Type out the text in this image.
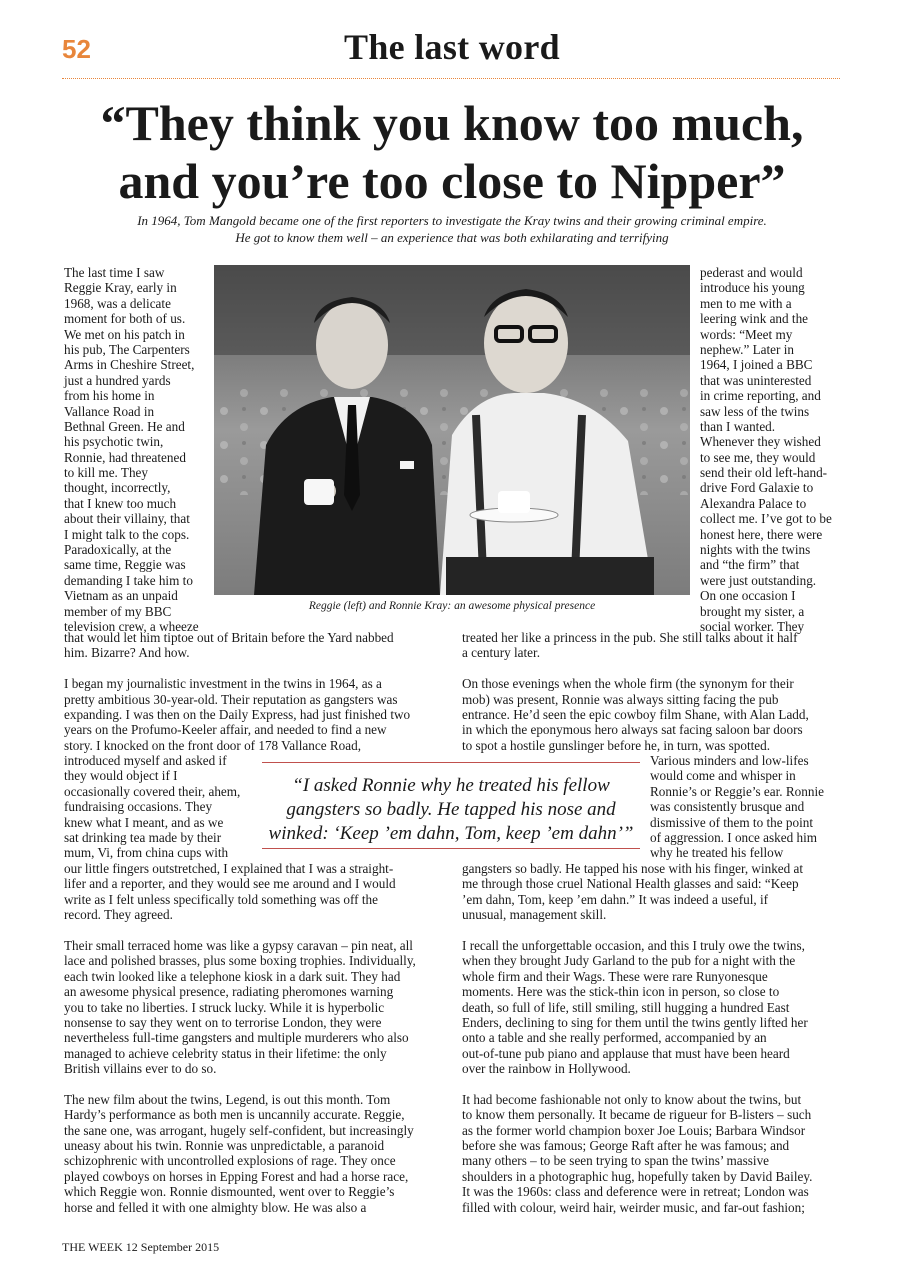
52	The last word
“They think you know too much,
and you’re too close to Nipper”
In 1964, Tom Mangold became one of the first reporters to investigate the Kray twins and their growing criminal empire.
He got to know them well – an experience that was both exhilarating and terrifying
Reggie (left) and Ronnie Kray: an awesome physical presence
“I asked Ronnie why he treated his fellow
gangsters so badly. He tapped his nose and
winked: ‘Keep ’em dahn, Tom, keep ’em dahn’”
The last time I saw
Reggie Kray, early in
1968, was a delicate
moment for both of us.
We met on his patch in
his pub, The Carpenters
Arms in Cheshire Street,
just a hundred yards
from his home in
Vallance Road in
Bethnal Green. He and
his psychotic twin,
Ronnie, had threatened
to kill me. They
thought, incorrectly,
that I knew too much
about their villainy, that
I might talk to the cops.
Paradoxically, at the
same time, Reggie was
demanding I take him to
Vietnam as an unpaid
member of my BBC
television crew, a wheeze
pederast and would
introduce his young
men to me with a
leering wink and the
words: “Meet my
nephew.” Later in
1964, I joined a BBC
that was uninterested
in crime reporting, and
saw less of the twins
than I wanted.
Whenever they wished
to see me, they would
send their old left-hand-
drive Ford Galaxie to
Alexandra Palace to
collect me. I’ve got to be
honest here, there were
nights with the twins
and “the firm” that
were just outstanding.
On one occasion I
brought my sister, a
social worker. They
that would let him tiptoe out of Britain before the Yard nabbed
him. Bizarre? And how.
I began my journalistic investment in the twins in 1964, as a
pretty ambitious 30-year-old. Their reputation as gangsters was
expanding. I was then on the Daily Express, had just finished two
years on the Profumo-Keeler affair, and needed to find a new
story. I knocked on the front door of 178 Vallance Road,
introduced myself and asked if
they would object if I
occasionally covered their, ahem,
fundraising occasions. They
knew what I meant, and as we
sat drinking tea made by their
mum, Vi, from china cups with
our little fingers outstretched, I explained that I was a straight-
lifer and a reporter, and they would see me around and I would
write as I felt unless specifically told something was off the
record. They agreed.
Their small terraced home was like a gypsy caravan – pin neat, all
lace and polished brasses, plus some boxing trophies. Individually,
each twin looked like a telephone kiosk in a dark suit. They had
an awesome physical presence, radiating pheromones warning
you to take no liberties. I struck lucky. While it is hyperbolic
nonsense to say they went on to terrorise London, they were
nevertheless full-time gangsters and multiple murderers who also
managed to achieve celebrity status in their lifetime: the only
British villains ever to do so.
The new film about the twins, Legend, is out this month. Tom
Hardy’s performance as both men is uncannily accurate. Reggie,
the sane one, was arrogant, hugely self-confident, but increasingly
uneasy about his twin. Ronnie was unpredictable, a paranoid
schizophrenic with uncontrolled explosions of rage. They once
played cowboys on horses in Epping Forest and had a horse race,
which Reggie won. Ronnie dismounted, went over to Reggie’s
horse and felled it with one almighty blow. He was also a
treated her like a princess in the pub. She still talks about it half
a century later.
On those evenings when the whole firm (the synonym for their
mob) was present, Ronnie was always sitting facing the pub
entrance. He’d seen the epic cowboy film Shane, with Alan Ladd,
in which the eponymous hero always sat facing saloon bar doors
to spot a hostile gunslinger before he, in turn, was spotted.
Various minders and low-lifes
would come and whisper in
Ronnie’s or Reggie’s ear. Ronnie
was consistently brusque and
dismissive of them to the point
of aggression. I once asked him
why he treated his fellow
gangsters so badly. He tapped his nose with his finger, winked at
me through those cruel National Health glasses and said: “Keep
’em dahn, Tom, keep ’em dahn.” It was indeed a useful, if
unusual, management skill.
I recall the unforgettable occasion, and this I truly owe the twins,
when they brought Judy Garland to the pub for a night with the
whole firm and their Wags. These were rare Runyonesque
moments. Here was the stick-thin icon in person, so close to
death, so full of life, still smiling, still hugging a hundred East
Enders, declining to sing for them until the twins gently lifted her
onto a table and she really performed, accompanied by an
out-of-tune pub piano and applause that must have been heard
over the rainbow in Hollywood.
It had become fashionable not only to know about the twins, but
to know them personally. It became de rigueur for B-listers – such
as the former world champion boxer Joe Louis; Barbara Windsor
before she was famous; George Raft after he was famous; and
many others – to be seen trying to span the twins’ massive
shoulders in a photographic hug, hopefully taken by David Bailey.
It was the 1960s: class and deference were in retreat; London was
filled with colour, weird hair, weirder music, and far-out fashion;
THE WEEK 12 September 2015
